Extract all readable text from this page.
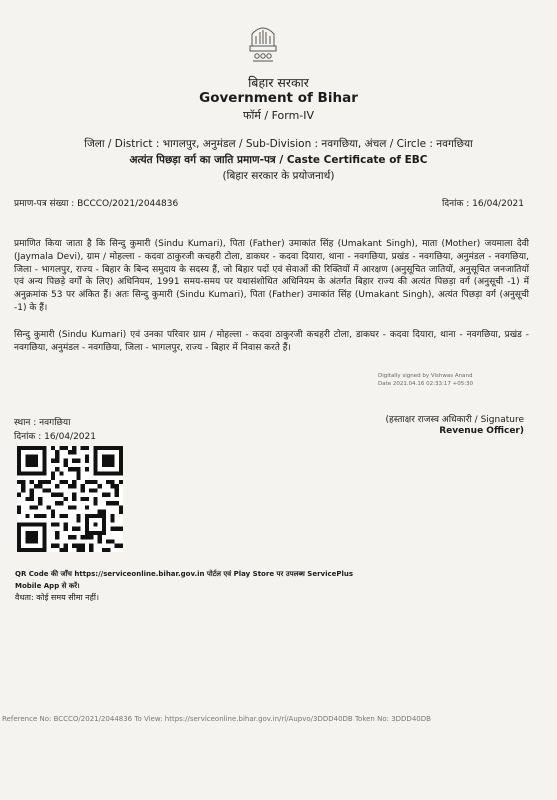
बिहार सरकार
Government of Bihar
फॉर्म / Form-IV
जिला / District : भागलपुर, अनुमंडल / Sub-Division : नवगछिया, अंचल / Circle : नवगछिया
अत्यंत पिछड़ा वर्ग का जाति प्रमाण-पत्र / Caste Certificate of EBC
(बिहार सरकार के प्रयोजनार्थ)
प्रमाण-पत्र संख्या : BCCCO/2021/2044836	दिनांक : 16/04/2021
प्रमाणित किया जाता है कि सिन्दु कुमारी (Sindu Kumari), पिता (Father) उमाकांत सिंह (Umakant Singh), माता (Mother) जयमाला देवी (Jaymala Devi), ग्राम / मोहल्ला - कदवा ठाकुरजी कचहरी टोला, डाकघर - कदवा दियारा, थाना - नवगछिया, प्रखंड - नवगछिया, अनुमंडल - नवगछिया, जिला - भागलपुर, राज्य - बिहार के बिन्द समुदाय के सदस्य हैं, जो बिहार पदों एवं सेवाओं की रिक्तियों में आरक्षण (अनुसूचित जातियों, अनुसूचित जनजातियों एवं अन्य पिछड़े वर्गों के लिए) अधिनियम, 1991 समय-समय पर यथासंशोधित अधिनियम के अंतर्गत बिहार राज्य की अत्यंत पिछड़ा वर्ग (अनुसूची -1) में अनुक्रमांक 53 पर अंकित हैं। अतः सिन्दु कुमारी (Sindu Kumari), पिता (Father) उमाकांत सिंह (Umakant Singh), अत्यंत पिछड़ा वर्ग (अनुसूची -1) के हैं।
सिन्दु कुमारी (Sindu Kumari) एवं उनका परिवार ग्राम / मोहल्ला - कदवा ठाकुरजी कचहरी टोला, डाकघर - कदवा दियारा, थाना - नवगछिया, प्रखंड - नवगछिया, अनुमंडल - नवगछिया, जिला - भागलपुर, राज्य - बिहार में निवास करते हैं।
Digitally signed by Vishwas Anand
Date 2021.04.16 02:33:17 +05:30
स्थान : नवगछिया
दिनांक : 16/04/2021
(हस्ताक्षर राजस्व अधिकारी / Signature
Revenue Officer)
QR Code की जाँच https://serviceonline.bihar.gov.in पोर्टल एवं Play Store पर उपलब्ध ServicePlus
Mobile App से करें।
वैधता: कोई समय सीमा नहीं।
Reference No: BCCCO/2021/2044836 To View: https://serviceonline.bihar.gov.in/rl/Aupvo/3DDD40DB Token No: 3DDD40DB
